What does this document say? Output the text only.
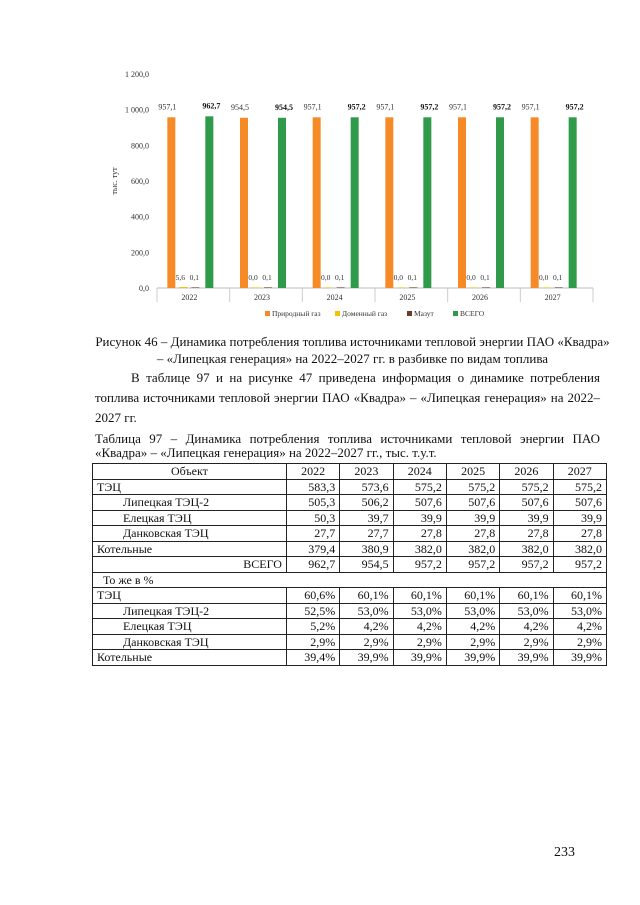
0,0
200,0
400,0
600,0
800,0
1 000,0
1 200,0
тыс. тут
957,1	962,7
5,6 0,1
2022
954,5	954,5
0,0 0,1
2023
957,1	957,2
0,0 0,1
2024
957,1	957,2
0,0 0,1
2025
957,1	957,2
0,0 0,1
2026
957,1	957,2
0,0 0,1
2027
Природный газ	Доменный газ	Мазут	ВСЕГО
Рисунок 46 – Динамика потребления топлива источниками тепловой энергии ПАО «Квадра» – «Липецкая генерация» на 2022–2027 гг. в разбивке по видам топлива
В таблице 97 и на рисунке 47 приведена информация о динамике потребления топлива источниками тепловой энергии ПАО «Квадра» – «Липецкая генерация» на 2022–2027 гг.
Таблица 97 – Динамика потребления топлива источниками тепловой энергии ПАО «Квадра» – «Липецкая генерация» на 2022–2027 гг., тыс. т.у.т.
Объект	2022	2023	2024	2025	2026	2027
ТЭЦ	583,3	573,6	575,2	575,2	575,2	575,2
Липецкая ТЭЦ-2	505,3	506,2	507,6	507,6	507,6	507,6
Елецкая ТЭЦ	50,3	39,7	39,9	39,9	39,9	39,9
Данковская ТЭЦ	27,7	27,7	27,8	27,8	27,8	27,8
Котельные	379,4	380,9	382,0	382,0	382,0	382,0
ВСЕГО	962,7	954,5	957,2	957,2	957,2	957,2
То же в %						
ТЭЦ	60,6%	60,1%	60,1%	60,1%	60,1%	60,1%
Липецкая ТЭЦ-2	52,5%	53,0%	53,0%	53,0%	53,0%	53,0%
Елецкая ТЭЦ	5,2%	4,2%	4,2%	4,2%	4,2%	4,2%
Данковская ТЭЦ	2,9%	2,9%	2,9%	2,9%	2,9%	2,9%
Котельные	39,4%	39,9%	39,9%	39,9%	39,9%	39,9%
233
